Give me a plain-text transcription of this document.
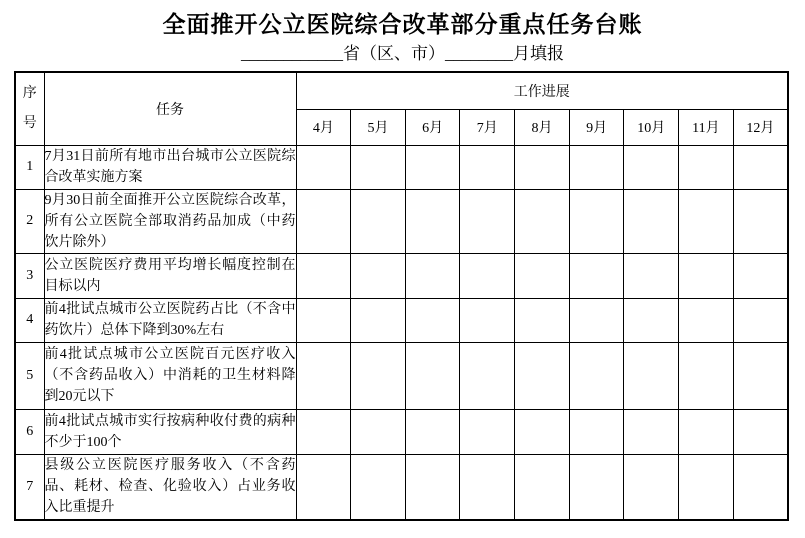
全面推开公立医院综合改革部分重点任务台账
____________省（区、市）________月填报
序号	任务	工作进展								
		4月	5月	6月	7月	8月	9月	10月	11月	12月
1	7月31日前所有地市出台城市公立医院综合改革实施方案									
2	9月30日前全面推开公立医院综合改革，所有公立医院全部取消药品加成（中药饮片除外）									
3	公立医院医疗费用平均增长幅度控制在目标以内									
4	前4批试点城市公立医院药占比（不含中药饮片）总体下降到30%左右									
5	前4批试点城市公立医院百元医疗收入（不含药品收入）中消耗的卫生材料降到20元以下									
6	前4批试点城市实行按病种收付费的病种不少于100个									
7	县级公立医院医疗服务收入（不含药品、耗材、检查、化验收入）占业务收入比重提升									
